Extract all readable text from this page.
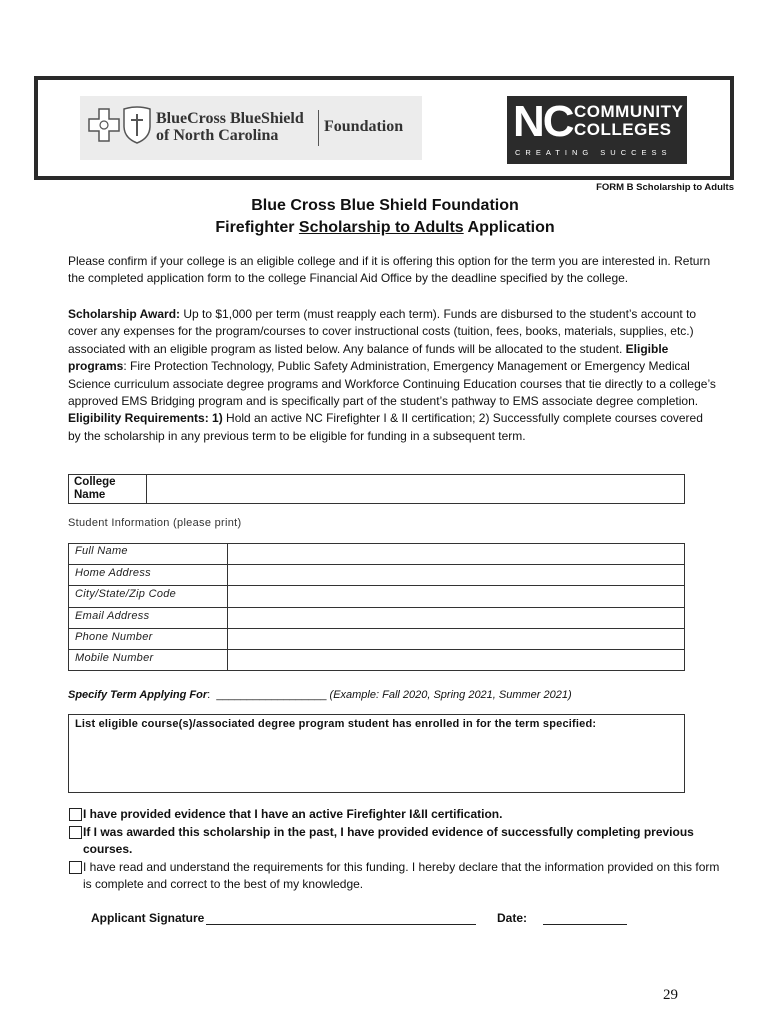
BlueCross BlueShield
of North Carolina
Foundation NC COMMUNITY
COLLEGES
CREATING SUCCESS
FORM B Scholarship to Adults
Blue Cross Blue Shield Foundation
Firefighter Scholarship to Adults Application
Please confirm if your college is an eligible college and if it is offering this option for the term you are interested in. Return the completed application form to the college Financial Aid Office by the deadline specified by the college.
Scholarship Award: Up to $1,000 per term (must reapply each term). Funds are disbursed to the student’s account to cover any expenses for the program/courses to cover instructional costs (tuition, fees, books, materials, supplies, etc.) associated with an eligible program as listed below. Any balance of funds will be allocated to the student. Eligible programs: Fire Protection Technology, Public Safety Administration, Emergency Management or Emergency Medical Science curriculum associate degree programs and Workforce Continuing Education courses that tie directly to a college’s approved EMS Bridging program and is specifically part of the student’s pathway to EMS associate degree completion. Eligibility Requirements: 1) Hold an active NC Firefighter I & II certification; 2) Successfully complete courses covered by the scholarship in any previous term to be eligible for funding in a subsequent term.
College Name
Student Information (please print)
Full Name
Home Address
City/State/Zip Code
Email Address
Phone Number
Mobile Number
Specify Term Applying For: __________________ (Example: Fall 2020, Spring 2021, Summer 2021)
List eligible course(s)/associated degree program student has enrolled in for the term specified:
I have provided evidence that I have an active Firefighter I&II certification.
If I was awarded this scholarship in the past, I have provided evidence of successfully completing previous courses.
I have read and understand the requirements for this funding. I hereby declare that the information provided on this form is complete and correct to the best of my knowledge.
Applicant Signature	Date:
29
